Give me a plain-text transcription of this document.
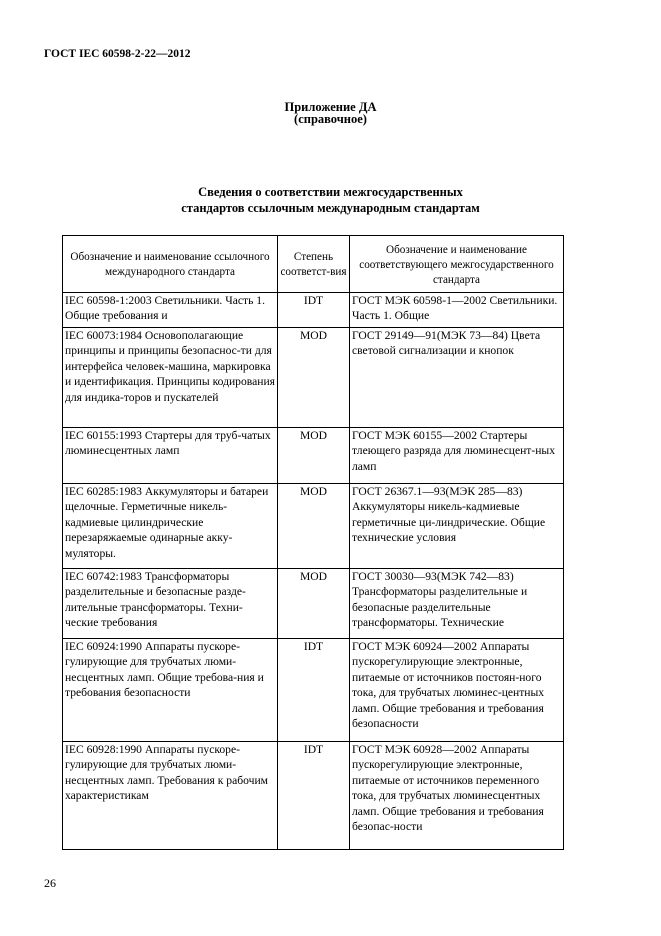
ГОСТ IEC 60598-2-22—2012
Приложение ДА
(справочное)
Сведения о соответствии межгосударственных
стандартов ссылочным международным стандартам
Обозначение и наименование ссылочного международного стандарта	Степень соответст-вия	Обозначение и наименование соответствующего межгосударственного стандарта
IEC 60598-1:2003 Светильники. Часть 1. Общие требования и	IDT	ГОСТ МЭК 60598-1—2002 Светильники. Часть 1. Общие
IEC 60073:1984 Основополагающие принципы и принципы безопаснос-ти для интерфейса человек-машина, маркировка и идентификация. Принципы кодирования для индика-торов и пускателей	MOD	ГОСТ 29149—91(МЭК 73—84) Цвета световой сигнализации и кнопок
IEC 60155:1993 Стартеры для труб-чатых люминесцентных ламп	MOD	ГОСТ МЭК 60155—2002 Стартеры тлеющего разряда для люминесцент-ных ламп
IEC 60285:1983 Аккумуляторы и батареи щелочные. Герметичные никель-кадмиевые цилиндрические перезаряжаемые одинарные акку-муляторы.	MOD	ГОСТ 26367.1—93(МЭК 285—83) Аккумуляторы никель-кадмиевые герметичные ци-линдрические. Общие технические условия
IEC 60742:1983 Трансформаторы разделительные и безопасные разде-лительные трансформаторы. Техни-ческие требования	MOD	ГОСТ 30030—93(МЭК 742—83) Трансформаторы разделительные и безопасные разделительные трансформаторы. Технические
IEC 60924:1990 Аппараты пускоре-гулирующие для трубчатых люми-несцентных ламп. Общие требова-ния и требования безопасности	IDT	ГОСТ МЭК 60924—2002 Аппараты пускорегулирующие электронные, питаемые от источников постоян-ного тока, для трубчатых люминес-центных ламп. Общие требования и требования безопасности
IEC 60928:1990 Аппараты пускоре-гулирующие для трубчатых люми-несцентных ламп. Требования к рабочим характеристикам	IDT	ГОСТ МЭК 60928—2002 Аппараты пускорегулирующие электронные, питаемые от источников переменного тока, для трубчатых люминесцентных ламп. Общие требования и требования безопас-ности
26
